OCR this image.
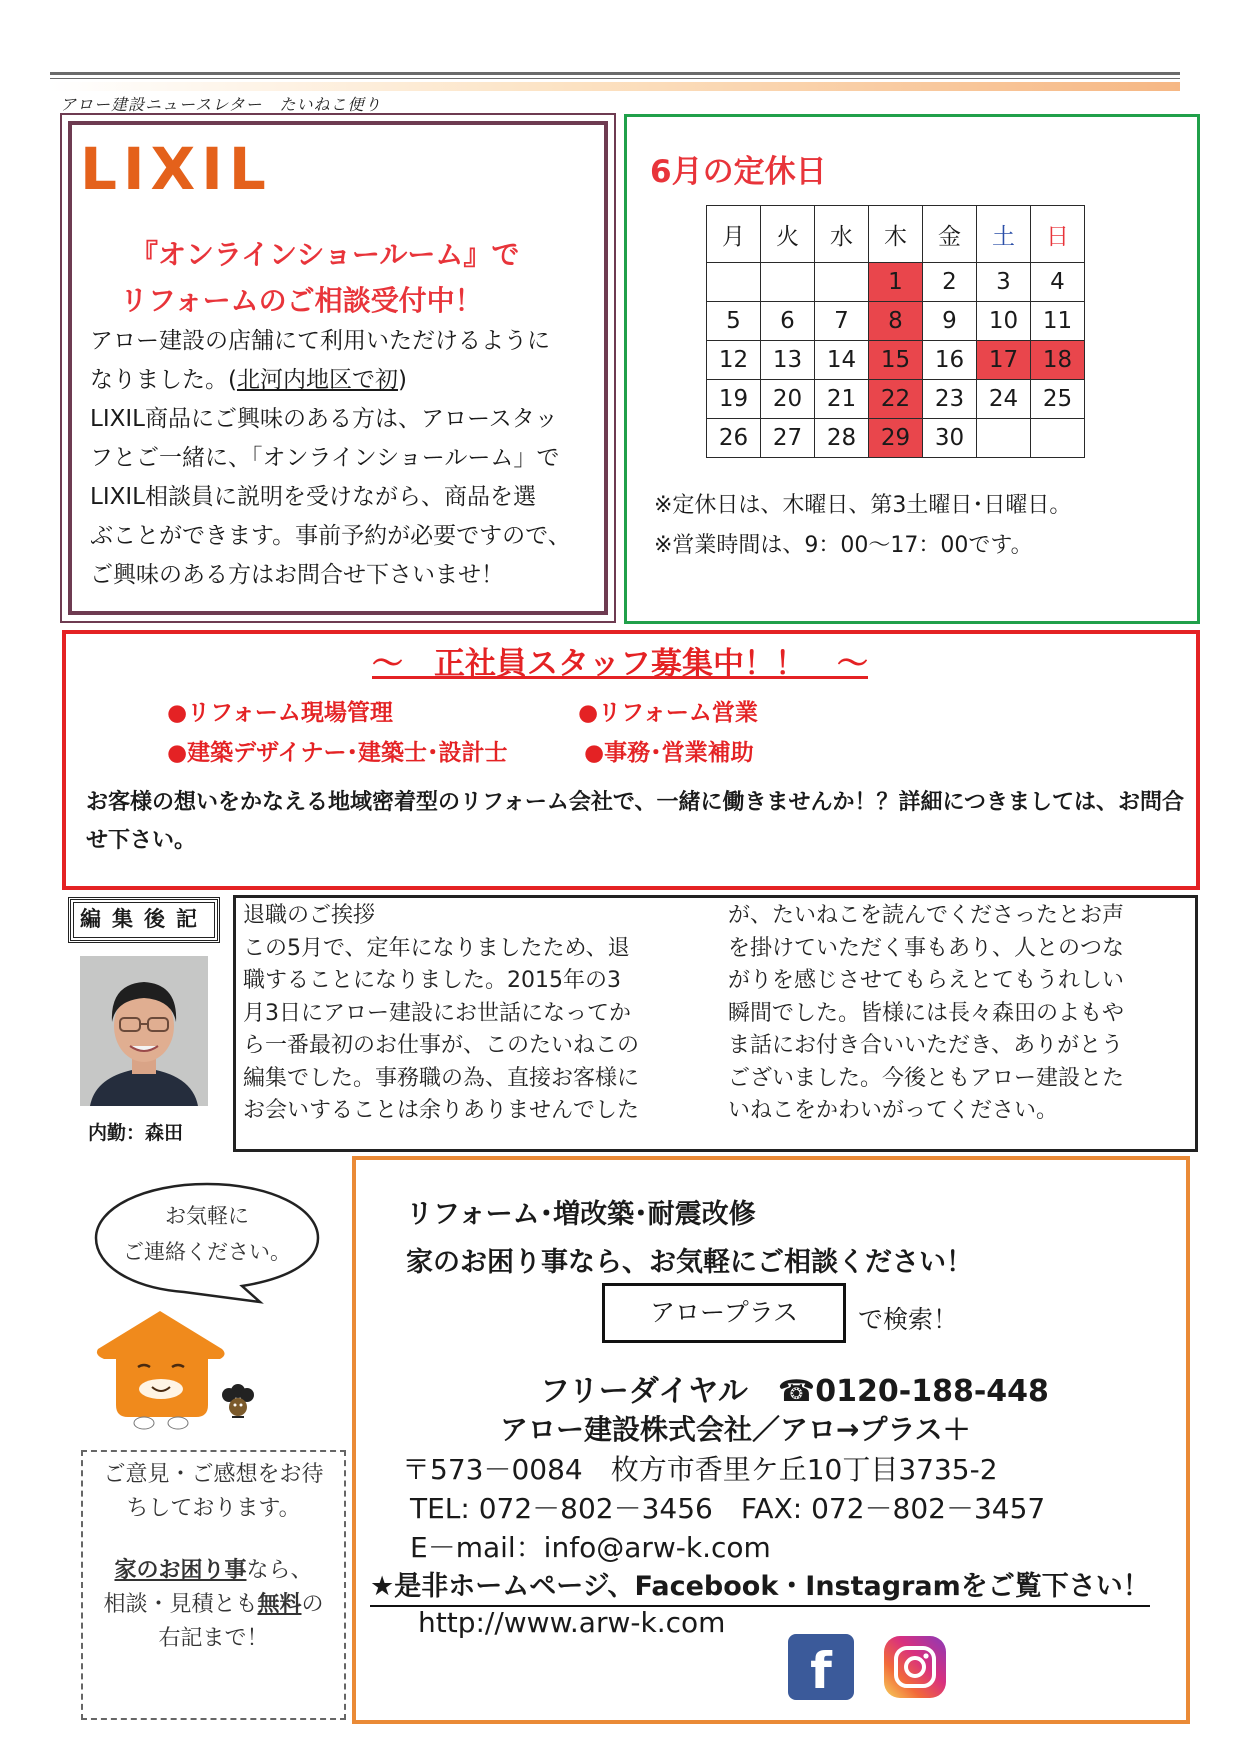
アロー建設ニュースレター　たいねこ便り
LIXIL
『オンラインショールーム』で
リフォームのご相談受付中！
アロー建設の店舗にて利用いただけるように
なりました。(北河内地区で初)
LIXIL商品にご興味のある方は、アロースタッ
フとご一緒に、「オンラインショールーム」で
LIXIL相談員に説明を受けながら、商品を選
ぶことができます。事前予約が必要ですので、
ご興味のある方はお問合せ下さいませ！
6月の定休日
月	火	水	木	金	土	日
			1	2	3	4
5	6	7	8	9	10	11
12	13	14	15	16	17	18
19	20	21	22	23	24	25
26	27	28	29	30		
※定休日は、木曜日、第3土曜日･日曜日。
※営業時間は、9：00～17：00です。
～　正社員スタッフ募集中！！　～
●リフォーム現場管理	●リフォーム営業
●建築デザイナー･建築士･設計士	●事務･営業補助
お客様の想いをかなえる地域密着型のリフォーム会社で、一緒に働きませんか！？詳細につきましては、お問合せ下さい。
編集後記
内勤：森田
退職のご挨拶
この5月で、定年になりましたため、退
職することになりました。2015年の3
月3日にアロー建設にお世話になってか
ら一番最初のお仕事が、このたいねこの
編集でした。事務職の為、直接お客様に
お会いすることは余りありませんでした
が、たいねこを読んでくださったとお声
を掛けていただく事もあり、人とのつな
がりを感じさせてもらえとてもうれしい
瞬間でした。皆様には長々森田のよもや
ま話にお付き合いいただき、ありがとう
ございました。今後ともアロー建設とた
いねこをかわいがってください。
お気軽に
ご連絡ください。
ご意見・ご感想をお待
ちしております。
家のお困り事なら、
相談・見積とも無料の
右記まで！
リフォーム･増改築･耐震改修
家のお困り事なら、お気軽にご相談ください！
アロープラス	で検索！
フリーダイヤル　☎0120-188-448
アロー建設株式会社／アロ→プラス＋
〒573－0084　枚方市香里ケ丘10丁目3735-2
TEL: 072－802－3456　FAX: 072－802－3457
E－mail：info@arw-k.com
★是非ホームページ、Facebook・Instagramをご覧下さい！
http://www.arw-k.com
f
